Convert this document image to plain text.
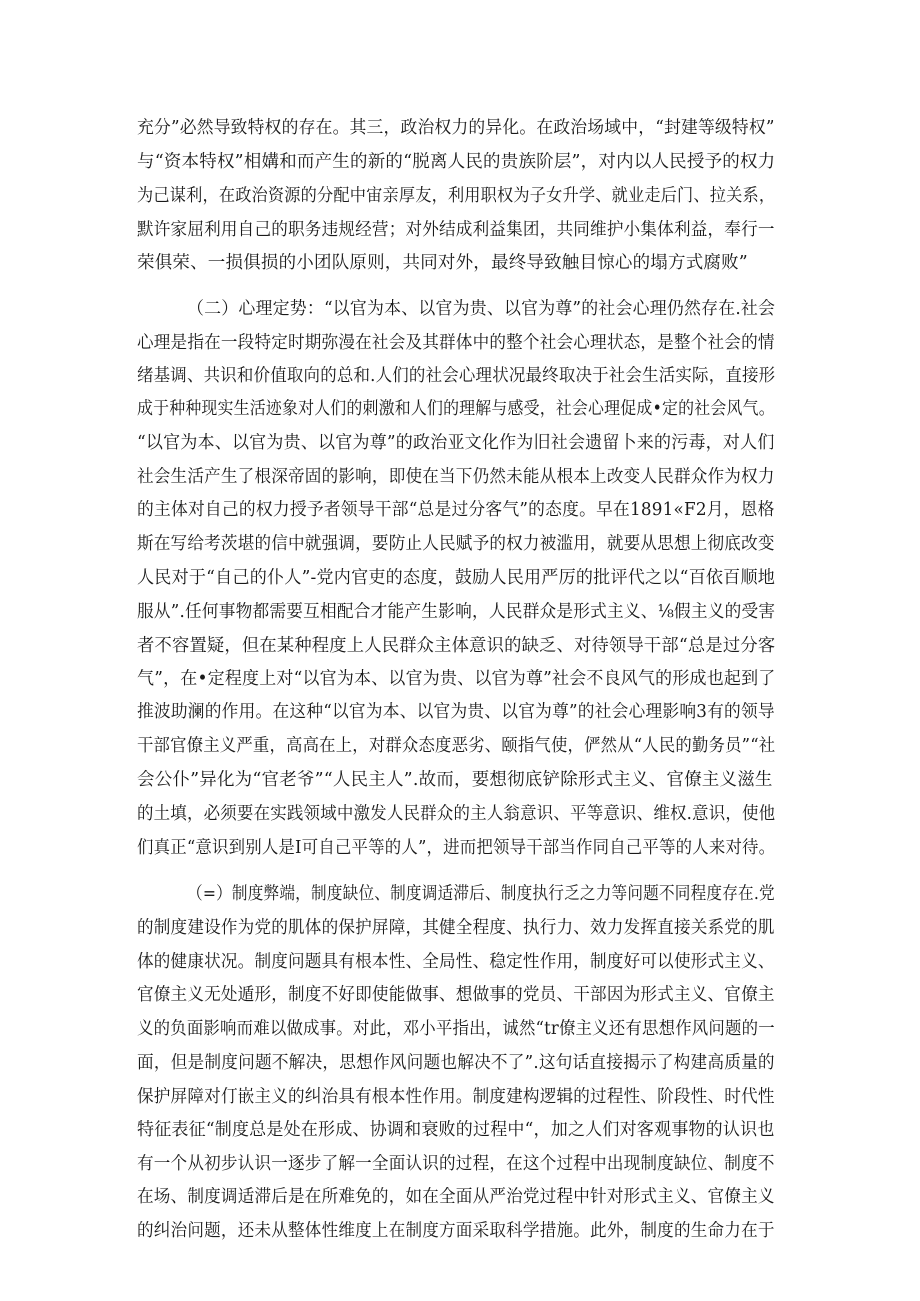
充分”必然导致特权的存在。其三，政治权力的异化。在政治场域中，“封建等级特权”
与“资本特权”相媾和而产生的新的“脱离人民的贵族阶层”，对内以人民授予的权力
为己谋利，在政治资源的分配中宙亲厚友，利用职权为子女升学、就业走后门、拉关系，
默许家屈利用自己的职务违规经营；对外结成利益集团，共同维护小集体利益，奉行一
荣俱荣、一损俱损的小团队原则，共同对外，最终导致触目惊心的塌方式腐败”
（二）心理定势：“以官为本、以官为贵、以官为尊”的社会心理仍然存在.社会
心理是指在一段特定时期弥漫在社会及其群体中的整个社会心理状态，是整个社会的情
绪基调、共识和价值取向的总和.人们的社会心理状况最终取决于社会生活实际，直接形
成于种种现实生活迹象对人们的刺激和人们的理解与感受，社会心理促成•定的社会风气。
“以官为本、以官为贵、以官为尊”的政治亚文化作为旧社会遗留卜来的污毒，对人们
社会生活产生了根深帝固的影响，即使在当下仍然未能从根本上改变人民群众作为权力
的主体对自己的权力授予者领导干部“总是过分客气”的态度。早在1891«F2月，恩格
斯在写给考茨堪的信中就强调，要防止人民赋予的权力被滥用，就要从思想上彻底改变
人民对于“自己的仆人”-党内官吏的态度，鼓励人民用严厉的批评代之以“百依百顺地
服从”.任何事物都需要互相配合才能产生影响，人民群众是形式主义、⅛假主义的受害
者不容置疑，但在某种程度上人民群众主体意识的缺乏、对待领导干部“总是过分客
气”，在•定程度上对“以官为本、以官为贵、以官为尊”社会不良风气的形成也起到了
推波助澜的作用。在这种“以官为本、以官为贵、以官为尊”的社会心理影响3有的领导
干部官僚主义严重，高高在上，对群众态度恶劣、颐指气使，俨然从“人民的勤务员”“社
会公仆”异化为“官老爷”“人民主人”.故而，要想彻底铲除形式主义、官僚主义滋生
的土填，必须要在实践领域中激发人民群众的主人翁意识、平等意识、维权.意识，使他
们真正“意识到别人是I可自己平等的人”，进而把领导干部当作同自己平等的人来对待。
（=）制度弊端，制度缺位、制度调适滞后、制度执行乏之力等问题不同程度存在.党
的制度建设作为党的肌体的保护屏障，其健全程度、执行力、效力发挥直接关系党的肌
体的健康状况。制度问题具有根本性、全局性、稳定性作用，制度好可以使形式主义、
官僚主义无处遁形，制度不好即使能做事、想做事的党员、干部因为形式主义、官僚主
义的负面影响而难以做成事。对此，邓小平指出，诚然“tr僚主义还有思想作风问题的一
面，但是制度问题不解决，思想作风问题也解决不了”.这句话直接揭示了构建高质量的
保护屏障对仃嵌主义的纠治具有根本性作用。制度建构逻辑的过程性、阶段性、时代性
特征表征“制度总是处在形成、协调和衰败的过程中“，加之人们对客观事物的认识也
有一个从初步认识一逐步了解一全面认识的过程，在这个过程中出现制度缺位、制度不
在场、制度调适滞后是在所难免的，如在全面从严治党过程中针对形式主义、官僚主义
的纠治问题，还未从整体性维度上在制度方面采取科学措施。此外，制度的生命力在于
